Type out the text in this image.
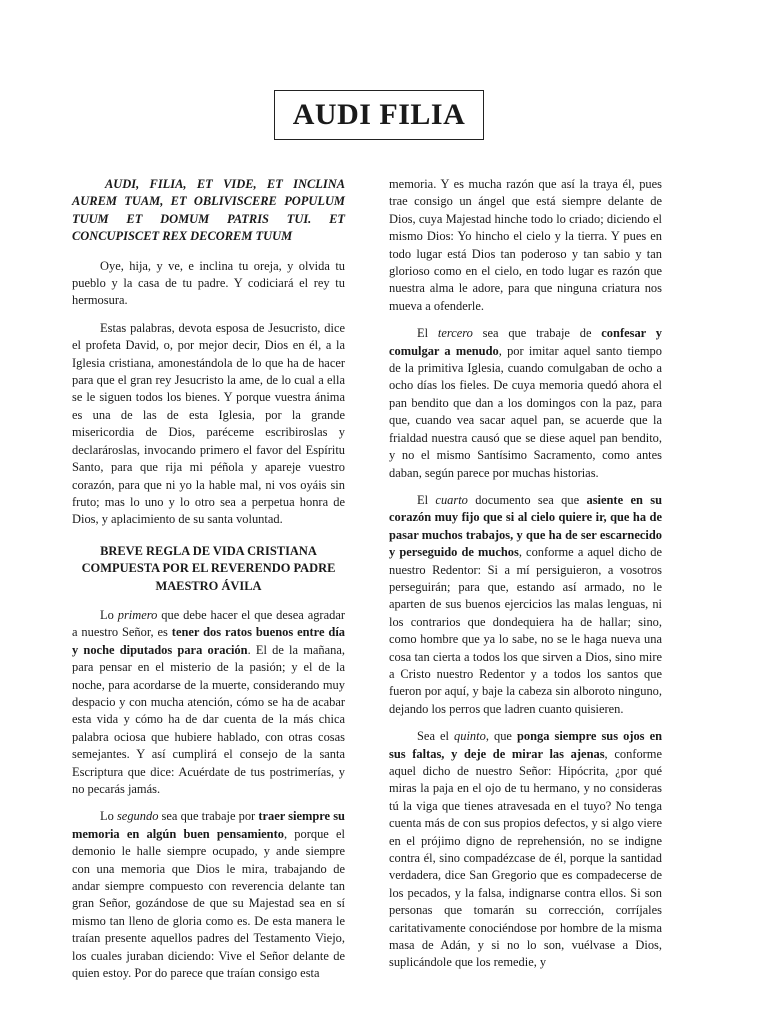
AUDI FILIA

AUDI, FILIA, ET VIDE, ET INCLINA AUREM TUAM, ET OBLIVISCERE POPULUM TUUM ET DOMUM PATRIS TUI. ET CONCUPISCET REX DECOREM TUUM

Oye, hija, y ve, e inclina tu oreja, y olvida tu pueblo y la casa de tu padre. Y codiciará el rey tu hermosura.

Estas palabras, devota esposa de Jesucristo, dice el profeta David, o, por mejor decir, Dios en él, a la Iglesia cristiana, amonestándola de lo que ha de hacer para que el gran rey Jesucristo la ame, de lo cual a ella se le siguen todos los bienes. Y porque vuestra ánima es una de las de esta Iglesia, por la grande misericordia de Dios, paréceme escribiroslas y declarároslas, invocando primero el favor del Espíritu Santo, para que rija mi péñola y apareje vuestro corazón, para que ni yo la hable mal, ni vos oyáis sin fruto; mas lo uno y lo otro sea a perpetua honra de Dios, y aplacimiento de su santa voluntad.

BREVE REGLA DE VIDA CRISTIANA COMPUESTA POR EL REVERENDO PADRE MAESTRO ÁVILA

Lo primero que debe hacer el que desea agradar a nuestro Señor, es tener dos ratos buenos entre día y noche diputados para oración. El de la mañana, para pensar en el misterio de la pasión; y el de la noche, para acordarse de la muerte, considerando muy despacio y con mucha atención, cómo se ha de acabar esta vida y cómo ha de dar cuenta de la más chica palabra ociosa que hubiere hablado, con otras cosas semejantes. Y así cumplirá el consejo de la santa Escriptura que dice: Acuérdate de tus postrimerías, y no pecarás jamás.

Lo segundo sea que trabaje por traer siempre su memoria en algún buen pensamiento, porque el demonio le halle siempre ocupado, y ande siempre con una memoria que Dios le mira, trabajando de andar siempre compuesto con reverencia delante tan gran Señor, gozándose de que su Majestad sea en sí mismo tan lleno de gloria como es. De esta manera le traían presente aquellos padres del Testamento Viejo, los cuales juraban diciendo: Vive el Señor delante de quien estoy. Por do parece que traían consigo esta

memoria. Y es mucha razón que así la traya él, pues trae consigo un ángel que está siempre delante de Dios, cuya Majestad hinche todo lo criado; diciendo el mismo Dios: Yo hincho el cielo y la tierra. Y pues en todo lugar está Dios tan poderoso y tan sabio y tan glorioso como en el cielo, en todo lugar es razón que nuestra alma le adore, para que ninguna criatura nos mueva a ofenderle.

El tercero sea que trabaje de confesar y comulgar a menudo, por imitar aquel santo tiempo de la primitiva Iglesia, cuando comulgaban de ocho a ocho días los fieles. De cuya memoria quedó ahora el pan bendito que dan a los domingos con la paz, para que, cuando vea sacar aquel pan, se acuerde que la frialdad nuestra causó que se diese aquel pan bendito, y no el mismo Santísimo Sacramento, como antes daban, según parece por muchas historias.

El cuarto documento sea que asiente en su corazón muy fijo que si al cielo quiere ir, que ha de pasar muchos trabajos, y que ha de ser escarnecido y perseguido de muchos, conforme a aquel dicho de nuestro Redentor: Si a mí persiguieron, a vosotros perseguirán; para que, estando así armado, no le aparten de sus buenos ejercicios las malas lenguas, ni los contrarios que dondequiera ha de hallar; sino, como hombre que ya lo sabe, no se le haga nueva una cosa tan cierta a todos los que sirven a Dios, sino mire a Cristo nuestro Redentor y a todos los santos que fueron por aquí, y baje la cabeza sin alboroto ninguno, dejando los perros que ladren cuanto quisieren.

Sea el quinto, que ponga siempre sus ojos en sus faltas, y deje de mirar las ajenas, conforme aquel dicho de nuestro Señor: Hipócrita, ¿por qué miras la paja en el ojo de tu hermano, y no consideras tú la viga que tienes atravesada en el tuyo? No tenga cuenta más de con sus propios defectos, y si algo viere en el prójimo digno de reprehensión, no se indigne contra él, sino compadézcase de él, porque la santidad verdadera, dice San Gregorio que es compadecerse de los pecados, y la falsa, indignarse contra ellos. Si son personas que tomarán su corrección, corríjales caritativamente conociéndose por hombre de la misma masa de Adán, y si no lo son, vuélvase a Dios, suplicándole que los remedie, y
